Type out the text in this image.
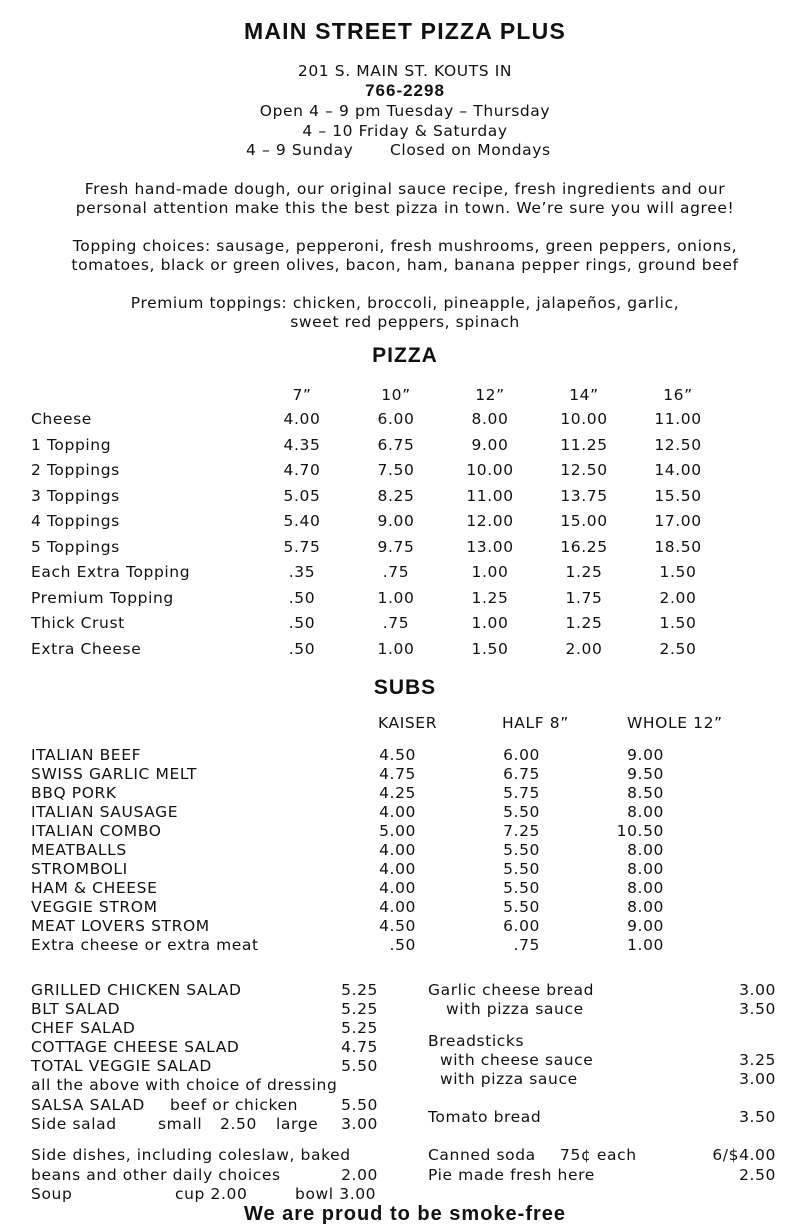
MAIN STREET PIZZA PLUS
201 S. MAIN ST. KOUTS IN
766-2298
Open 4 – 9 pm Tuesday – Thursday
4 – 10 Friday & Saturday
4 – 9 Sunday Closed on Mondays
Fresh hand-made dough, our original sauce recipe, fresh ingredients and our
personal attention make this the best pizza in town. We’re sure you will agree!
Topping choices: sausage, pepperoni, fresh mushrooms, green peppers, onions,
tomatoes, black or green olives, bacon, ham, banana pepper rings, ground beef
Premium toppings: chicken, broccoli, pineapple, jalapeños, garlic,
sweet red peppers, spinach
PIZZA
7”	10”	12”	14”	16”
Cheese	4.00	6.00	8.00	10.00	11.00
1 Topping	4.35	6.75	9.00	11.25	12.50
2 Toppings	4.70	7.50	10.00	12.50	14.00
3 Toppings	5.05	8.25	11.00	13.75	15.50
4 Toppings	5.40	9.00	12.00	15.00	17.00
5 Toppings	5.75	9.75	13.00	16.25	18.50
Each Extra Topping	.35	.75	1.00	1.25	1.50
Premium Topping	.50	1.00	1.25	1.75	2.00
Thick Crust	.50	.75	1.00	1.25	1.50
Extra Cheese	.50	1.00	1.50	2.00	2.50
SUBS
KAISER	HALF 8”	WHOLE 12”
ITALIAN BEEF	4.50	6.00	9.00
SWISS GARLIC MELT	4.75	6.75	9.50
BBQ PORK	4.25	5.75	8.50
ITALIAN SAUSAGE	4.00	5.50	8.00
ITALIAN COMBO	5.00	7.25	10.50
MEATBALLS	4.00	5.50	8.00
STROMBOLI	4.00	5.50	8.00
HAM & CHEESE	4.00	5.50	8.00
VEGGIE STROM	4.00	5.50	8.00
MEAT LOVERS STROM	4.50	6.00	9.00
Extra cheese or extra meat	.50	.75	1.00
GRILLED CHICKEN SALAD	5.25
BLT SALAD	5.25
CHEF SALAD	5.25
COTTAGE CHEESE SALAD	4.75
TOTAL VEGGIE SALAD	5.50
all the above with choice of dressing
SALSA SALAD beef or chicken	5.50
Side salad	small 2.50 large	3.00
Side dishes, including coleslaw, baked
beans and other daily choices	2.00
Soup	cup 2.00	bowl 3.00
Garlic cheese bread	3.00
with pizza sauce	3.50
Breadsticks
with cheese sauce	3.25
with pizza sauce	3.00
Tomato bread	3.50
Canned soda 75¢ each	6/$4.00
Pie made fresh here	2.50
We are proud to be smoke-free
